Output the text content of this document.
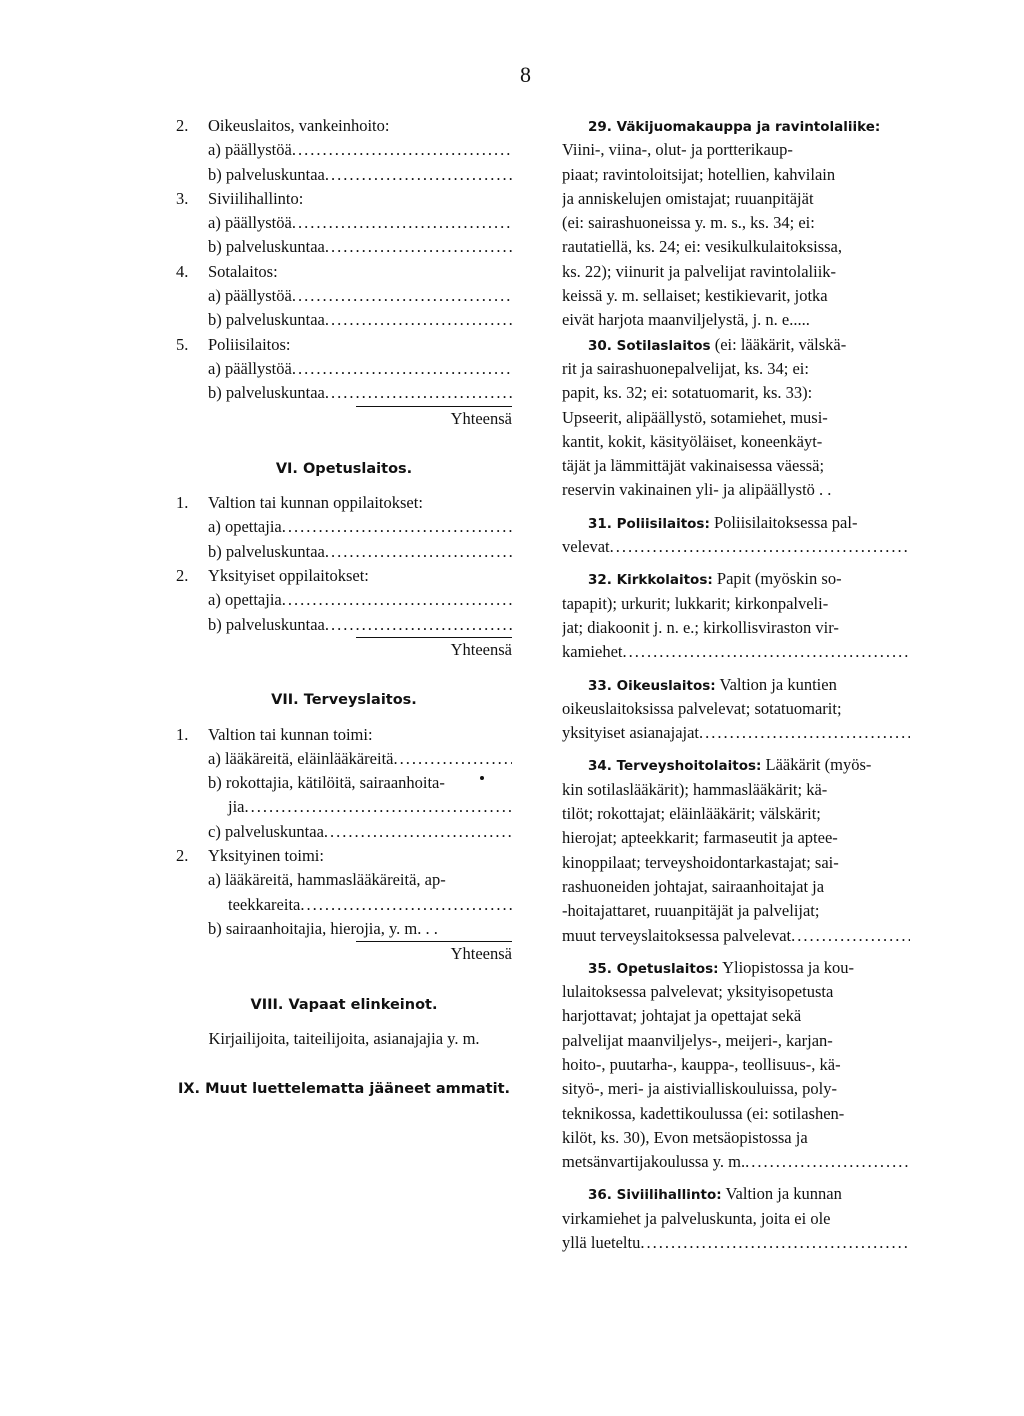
8
2. Oikeuslaitos, vankeinhoito:
a) päällystöä
.....
b) palveluskuntaa
.....
3. Siviilihallinto:
a) päällystöä
.....
b) palveluskuntaa
.....
4. Sotalaitos:
a) päällystöä
.....
b) palveluskuntaa
.....
5. Poliisilaitos:
a) päällystöä
.....
b) palveluskuntaa
.....
Yhteensä
VI. Opetuslaitos.
1. Valtion tai kunnan oppilaitokset:
a) opettajia
.....
b) palveluskuntaa
.....
2. Yksityiset oppilaitokset:
a) opettajia
.....
b) palveluskuntaa
.....
Yhteensä
VII. Terveyslaitos.
1. Valtion tai kunnan toimi:
a) lääkäreitä, eläinlääkäreitä
.....
b) rokottajia, kätilöitä, sairaanhoita-
jia
.....
c) palveluskuntaa
.....
2. Yksityinen toimi:
a) lääkäreitä, hammaslääkäreitä, ap-
teekkareita
.....
b) sairaanhoitajia, hierojia, y. m. . .
Yhteensä
VIII. Vapaat elinkeinot.
Kirjailijoita, taiteilijoita, asianajajia y. m.
IX. Muut luettelematta jääneet ammatit.
29. Väkijuomakauppa ja ravintolaliike:
Viini-, viina-, olut- ja portterikaup-
piaat; ravintoloitsijat; hotellien, kahvilain
ja anniskelujen omistajat; ruuanpitäjät
(ei: sairashuoneissa y. m. s., ks. 34; ei:
rautatiellä, ks. 24; ei: vesikulkulaitoksissa,
ks. 22); viinurit ja palvelijat ravintolaliik-
keissä y. m. sellaiset; kestikievarit, jotka
eivät harjota maanviljelystä, j. n. e.....
30. Sotilaslaitos (ei: lääkärit, välskä-
rit ja sairashuonepalvelijat, ks. 34; ei:
papit, ks. 32; ei: sotatuomarit, ks. 33):
Upseerit, alipäällystö, sotamiehet, musi-
kantit, kokit, käsityöläiset, koneenkäyt-
täjät ja lämmittäjät vakinaisessa väessä;
reservin vakinainen yli- ja alipäällystö . .
31. Poliisilaitos: Poliisilaitoksessa pal-
velevat
.....
32. Kirkkolaitos: Papit (myöskin so-
tapapit); urkurit; lukkarit; kirkonpalveli-
jat; diakoonit j. n. e.; kirkollisviraston vir-
kamiehet
.....
33. Oikeuslaitos: Valtion ja kuntien
oikeuslaitoksissa palvelevat; sotatuomarit;
yksityiset asianajajat
.....
34. Terveyshoitolaitos: Lääkärit (myös-
kin sotilaslääkärit); hammaslääkärit; kä-
tilöt; rokottajat; eläinlääkärit; välskärit;
hierojat; apteekkarit; farmaseutit ja aptee-
kinoppilaat; terveyshoidontarkastajat; sai-
rashuoneiden johtajat, sairaanhoitajat ja
-hoitajattaret, ruuanpitäjät ja palvelijat;
muut terveyslaitoksessa palvelevat
.....
35. Opetuslaitos: Yliopistossa ja kou-
lulaitoksessa palvelevat; yksityisopetusta
harjottavat; johtajat ja opettajat sekä
palvelijat maanviljelys-, meijeri-, karjan-
hoito-, puutarha-, kauppa-, teollisuus-, kä-
sityö-, meri- ja aistivialliskouluissa, poly-
teknikossa, kadettikoulussa (ei: sotilashen-
kilöt, ks. 30), Evon metsäopistossa ja
metsänvartijakoulussa y. m.
.....
36. Siviilihallinto: Valtion ja kunnan
virkamiehet ja palveluskunta, joita ei ole
yllä lueteltu
.....
